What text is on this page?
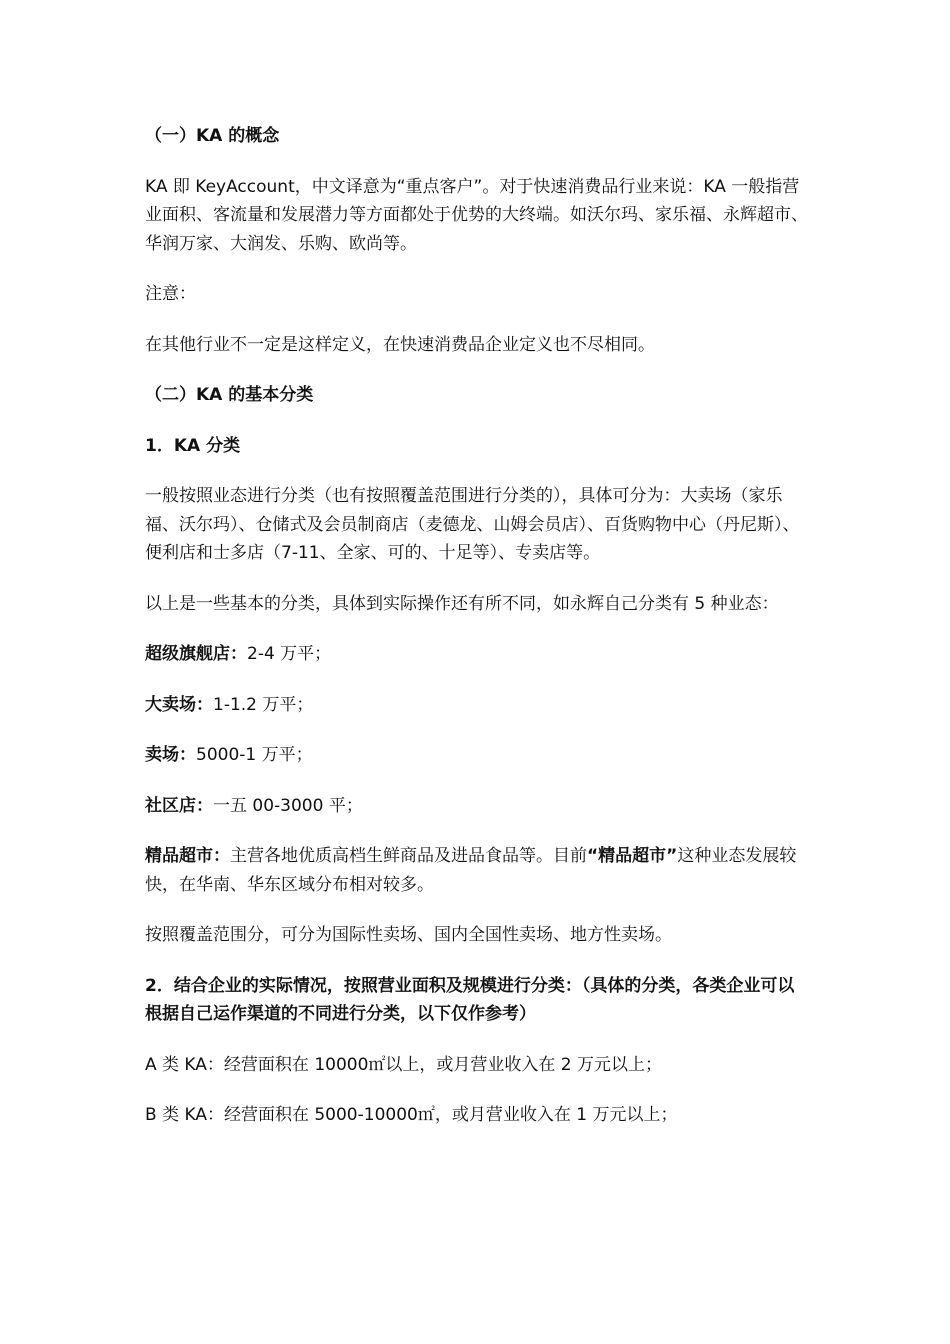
（一）KA 的概念

KA 即 KeyAccount，中文译意为“重点客户”。对于快速消费品行业来说：KA 一般指营业面积、客流量和发展潜力等方面都处于优势的大终端。如沃尔玛、家乐福、永辉超市、华润万家、大润发、乐购、欧尚等。

注意：

在其他行业不一定是这样定义，在快速消费品企业定义也不尽相同。

（二）KA 的基本分类

1．KA 分类

一般按照业态进行分类（也有按照覆盖范围进行分类的），具体可分为：大卖场（家乐福、沃尔玛）、仓储式及会员制商店（麦德龙、山姆会员店）、百货购物中心（丹尼斯）、便利店和士多店（7-11、全家、可的、十足等）、专卖店等。

以上是一些基本的分类，具体到实际操作还有所不同，如永辉自己分类有 5 种业态：

超级旗舰店：2-4 万平；

大卖场：1-1.2 万平；

卖场：5000-1 万平；

社区店：一五 00-3000 平；

精品超市：主营各地优质高档生鲜商品及进品食品等。目前“精品超市”这种业态发展较快，在华南、华东区域分布相对较多。

按照覆盖范围分，可分为国际性卖场、国内全国性卖场、地方性卖场。

2．结合企业的实际情况，按照营业面积及规模进行分类：（具体的分类，各类企业可以根据自己运作渠道的不同进行分类，以下仅作参考）

A 类 KA：经营面积在 10000㎡以上，或月营业收入在 2 万元以上；

B 类 KA：经营面积在 5000-10000㎡，或月营业收入在 1 万元以上；
